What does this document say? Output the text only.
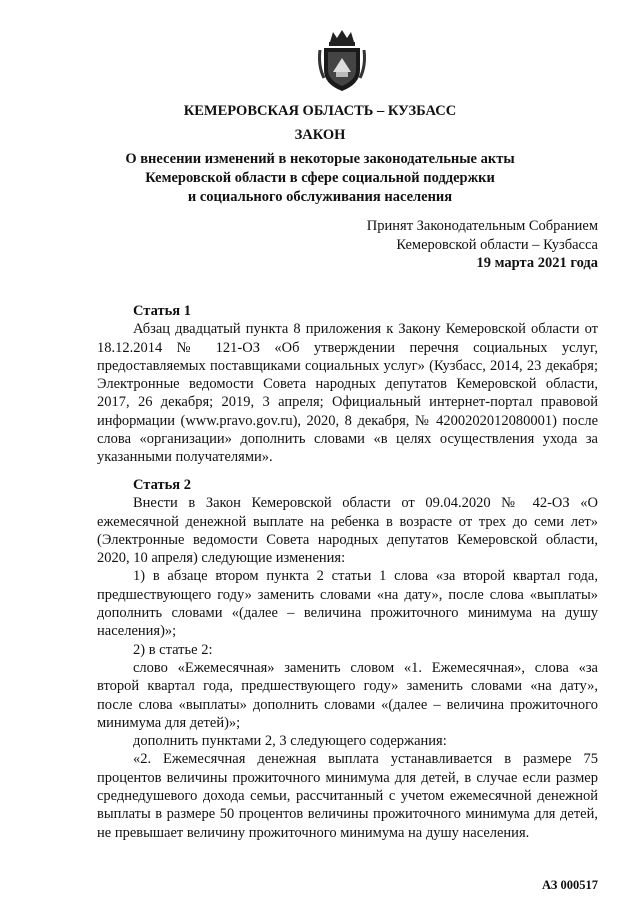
КЕМЕРОВСКАЯ ОБЛАСТЬ – КУЗБАСС
ЗАКОН
О внесении изменений в некоторые законодательные акты
Кемеровской области в сфере социальной поддержки
и социального обслуживания населения
Принят Законодательным Собранием
Кемеровской области – Кузбасса
19 марта 2021 года

Статья 1

Абзац двадцатый пункта 8 приложения к Закону Кемеровской области от 18.12.2014 № 121-ОЗ «Об утверждении перечня социальных услуг, предоставляемых поставщиками социальных услуг» (Кузбасс, 2014, 23 декабря; Электронные ведомости Совета народных депутатов Кемеровской области, 2017, 26 декабря; 2019, 3 апреля; Официальный интернет-портал правовой информации (www.pravo.gov.ru), 2020, 8 декабря, № 4200202012080001) после слова «организации» дополнить словами «в целях осуществления ухода за указанными получателями».

Статья 2

Внести в Закон Кемеровской области от 09.04.2020 № 42-ОЗ «О ежемесячной денежной выплате на ребенка в возрасте от трех до семи лет» (Электронные ведомости Совета народных депутатов Кемеровской области, 2020, 10 апреля) следующие изменения:

1) в абзаце втором пункта 2 статьи 1 слова «за второй квартал года, предшествующего году» заменить словами «на дату», после слова «выплаты» дополнить словами «(далее – величина прожиточного минимума на душу населения)»;

2) в статье 2:

слово «Ежемесячная» заменить словом «1. Ежемесячная», слова «за второй квартал года, предшествующего году» заменить словами «на дату», после слова «выплаты» дополнить словами «(далее – величина прожиточного минимума для детей)»;

дополнить пунктами 2, 3 следующего содержания:

«2. Ежемесячная денежная выплата устанавливается в размере 75 процентов величины прожиточного минимума для детей, в случае если размер среднедушевого дохода семьи, рассчитанный с учетом ежемесячной денежной выплаты в размере 50 процентов величины прожиточного минимума для детей, не превышает величину прожиточного минимума на душу населения.

АЗ 000517
